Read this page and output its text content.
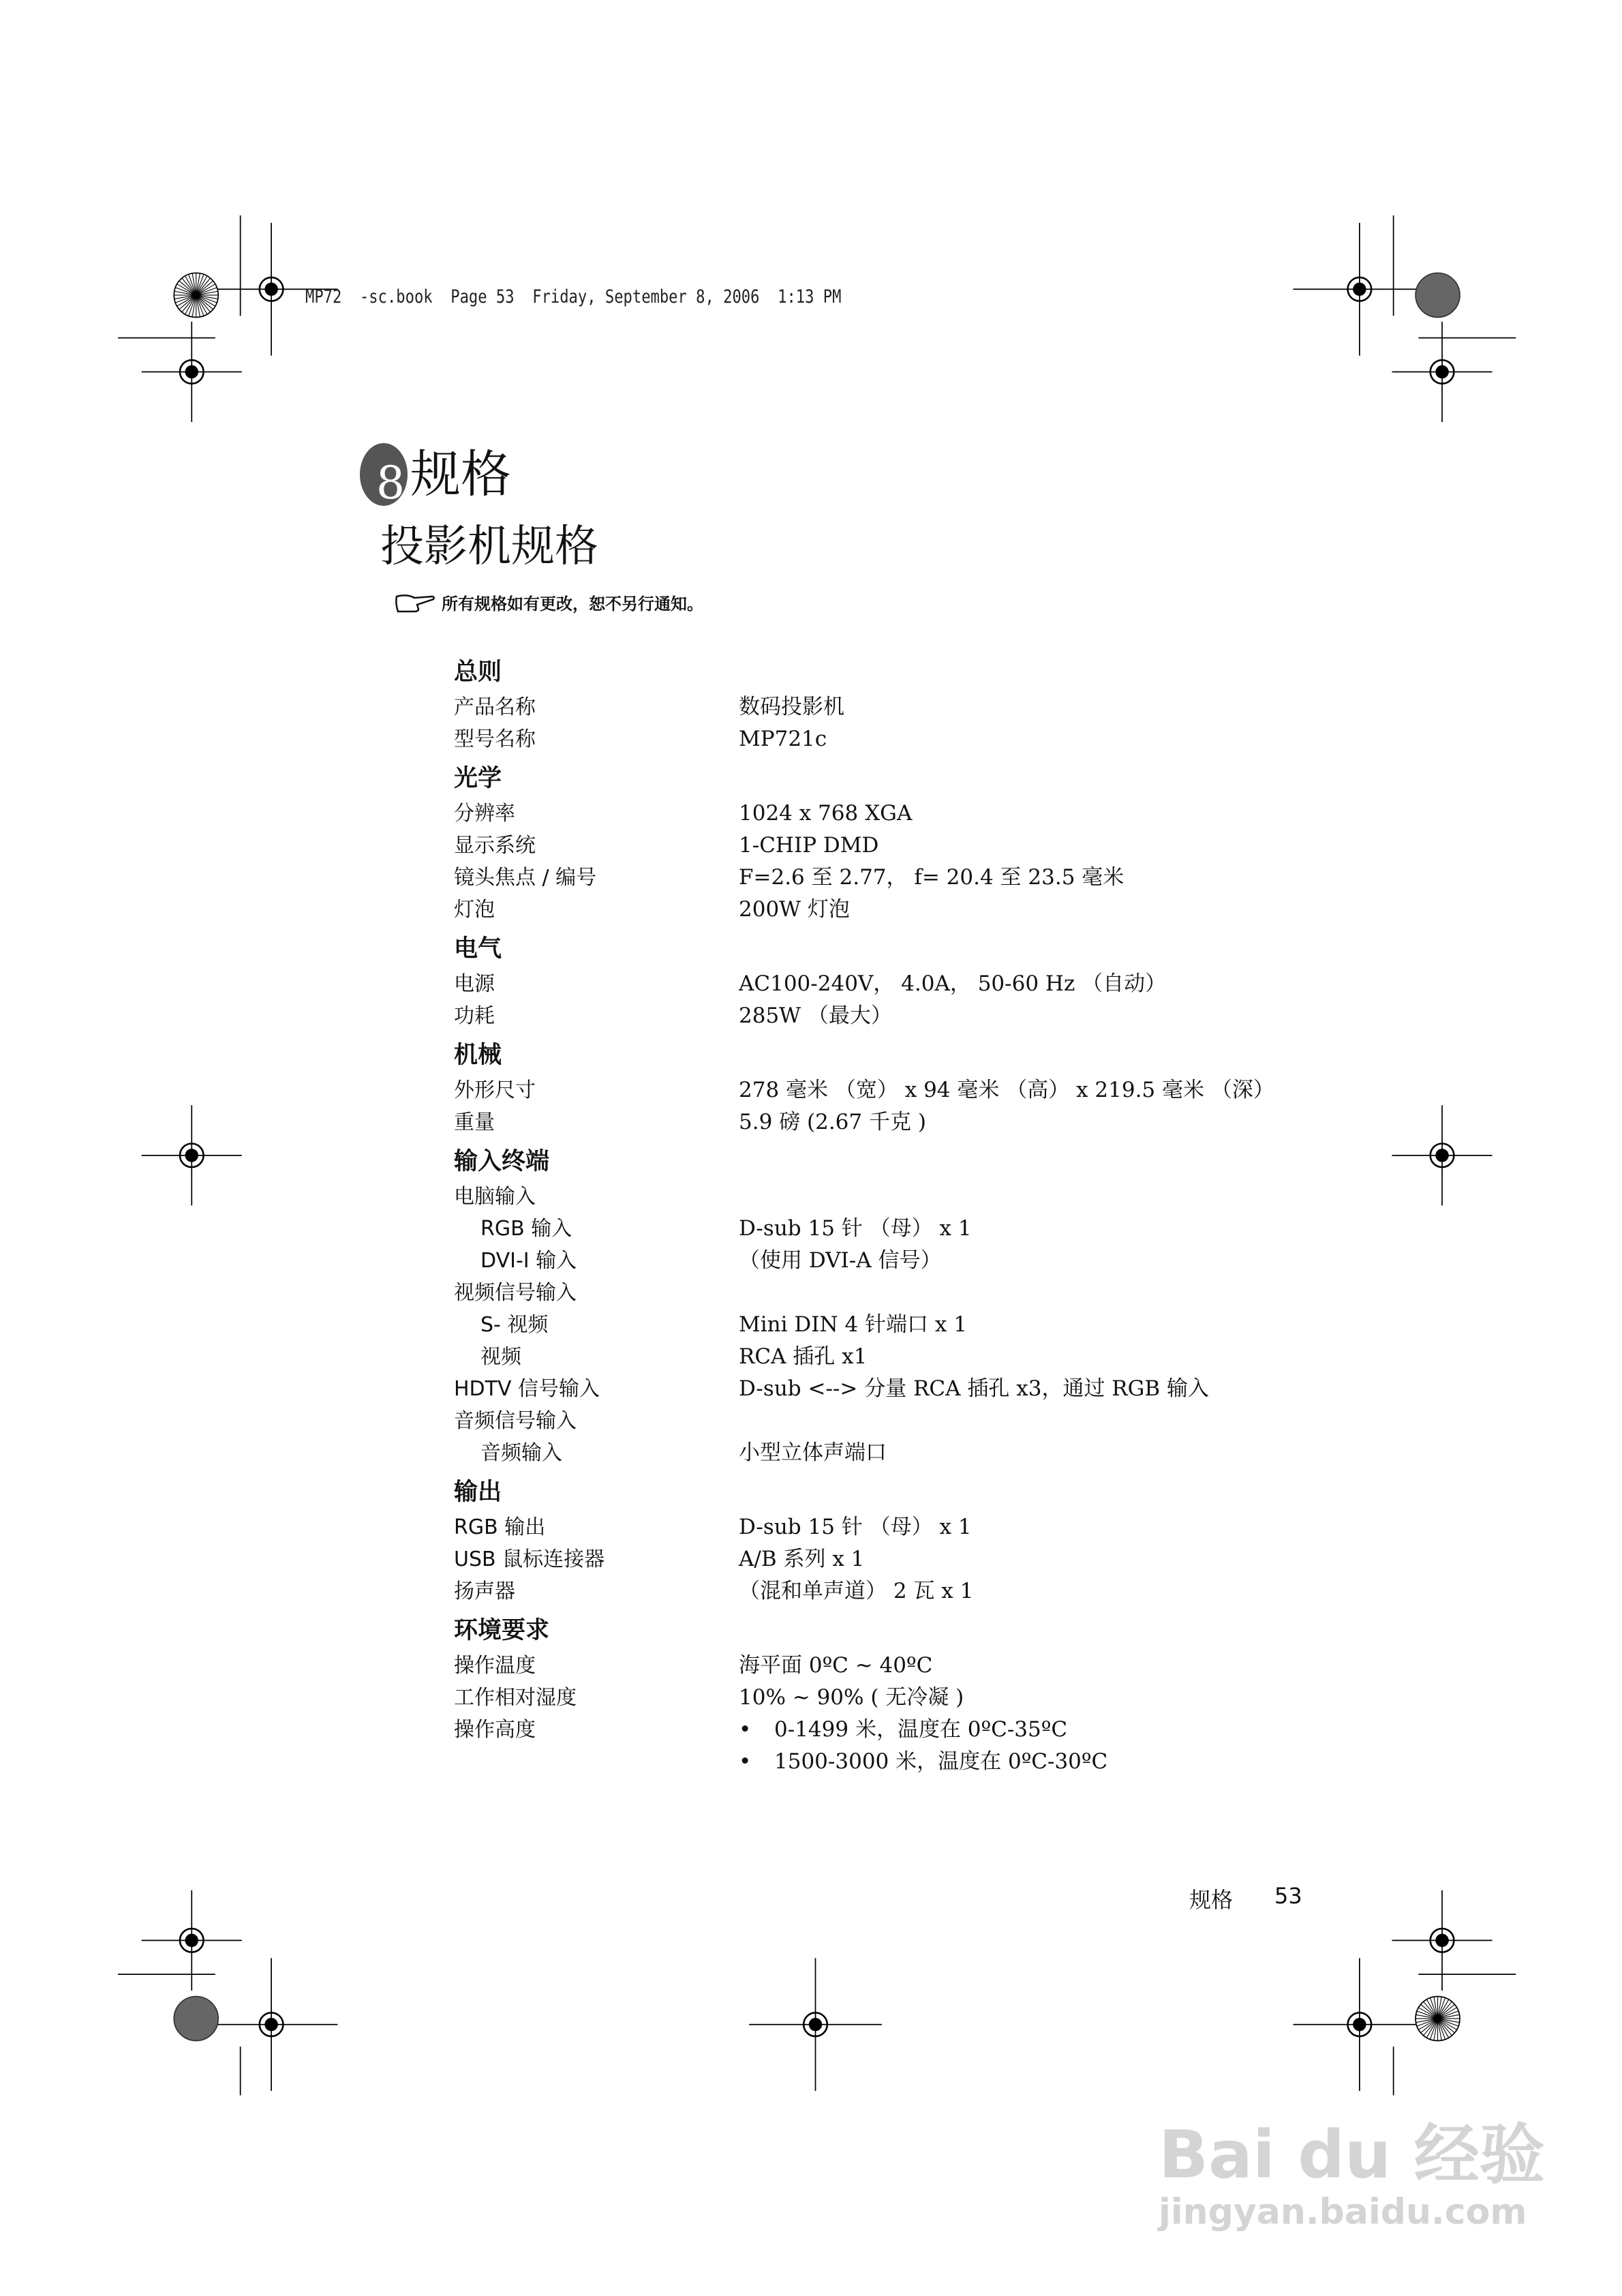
MP72  -sc.book  Page 53  Friday, September 8, 2006  1:13 PM
8 规格
投影机规格
所有规格如有更改，恕不另行通知。
总则
产品名称	数码投影机
型号名称	MP721c
光学
分辨率	1024 x 768 XGA
显示系统	1-CHIP DMD
镜头焦点 / 编号	F=2.6 至 2.77， f= 20.4 至 23.5 毫米
灯泡	200W 灯泡
电气
电源	AC100-240V， 4.0A， 50-60 Hz （自动）
功耗	285W （最大）
机械
外形尺寸	278 毫米 （宽） x 94 毫米 （高） x 219.5 毫米 （深）
重量	5.9 磅 (2.67 千克 )
输入终端
电脑输入
RGB 输入	D-sub 15 针 （母） x 1
DVI-I 输入	（使用 DVI-A 信号）
视频信号输入
S- 视频	Mini DIN 4 针端口 x 1
视频	RCA 插孔 x1
HDTV 信号输入	D-sub <--> 分量 RCA 插孔 x3，通过 RGB 输入
音频信号输入
音频输入	小型立体声端口
输出
RGB 输出	D-sub 15 针 （母） x 1
USB 鼠标连接器	A/B 系列 x 1
扬声器	（混和单声道） 2 瓦 x 1
环境要求
操作温度	海平面 0ºC ~ 40ºC
工作相对湿度	10% ~ 90% ( 无冷凝 )
操作高度	• 0-1499 米，温度在 0ºC-35ºC
• 1500-3000 米，温度在 0ºC-30ºC
规格 53
Bai du 经验
jingyan.baidu.com
